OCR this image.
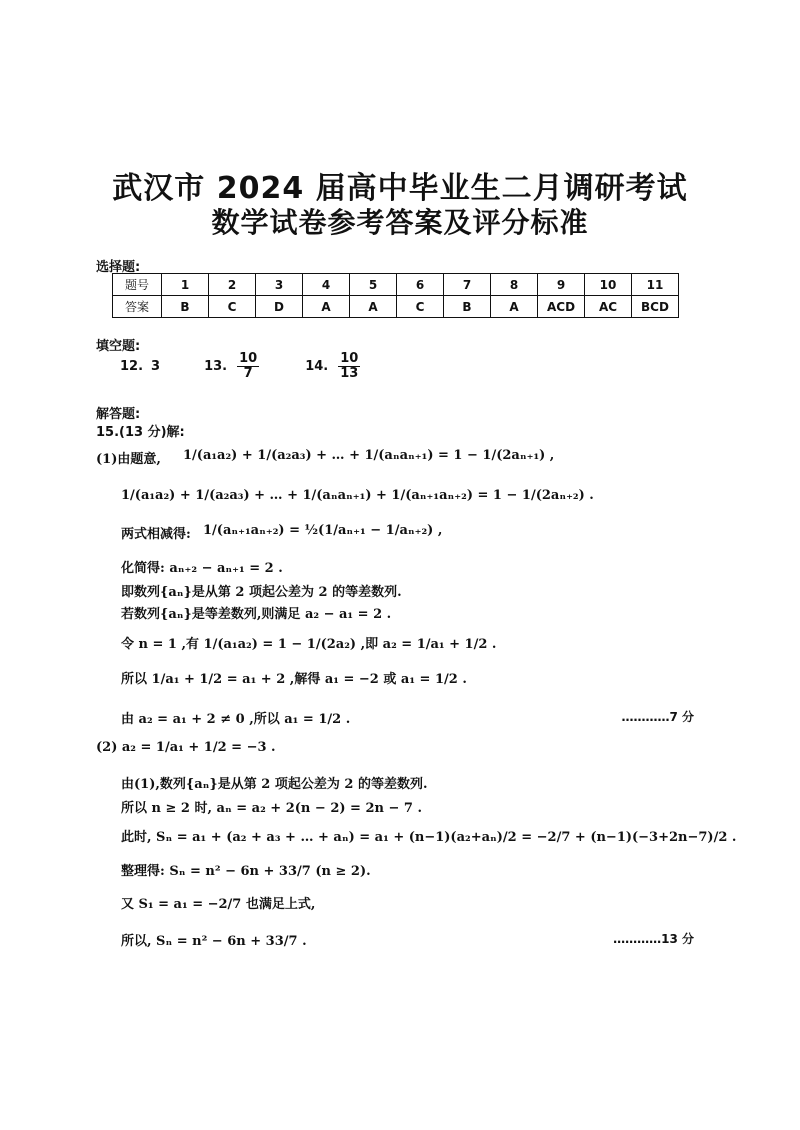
武汉市 2024 届高中毕业生二月调研考试
数学试卷参考答案及评分标准
选择题:
题号	1	2	3	4	5	6	7	8	9	10	11
答案	B	C	D	A	A	C	B	A	ACD	AC	BCD
填空题:
12. 3	13. $\frac{10}{7}$	14. $\frac{10}{13}$
解答题:
15.(13 分)解:
(1)由题意, 1/(a₁a₂) + 1/(a₂a₃) + … + 1/(aₙaₙ₊₁) = 1 − 1/(2aₙ₊₁) ,
1/(a₁a₂) + 1/(a₂a₃) + … + 1/(aₙaₙ₊₁) + 1/(aₙ₊₁aₙ₊₂) = 1 − 1/(2aₙ₊₂) .
两式相减得: 1/(aₙ₊₁aₙ₊₂) = ½(1/aₙ₊₁ − 1/aₙ₊₂) ,
化简得: aₙ₊₂ − aₙ₊₁ = 2 .
即数列{aₙ}是从第 2 项起公差为 2 的等差数列.
若数列{aₙ}是等差数列,则满足 a₂ − a₁ = 2 .
令 n = 1 ,有 1/(a₁a₂) = 1 − 1/(2a₂) ,即 a₂ = 1/a₁ + 1/2 .
所以 1/a₁ + 1/2 = a₁ + 2 ,解得 a₁ = −2 或 a₁ = 1/2 .
由 a₂ = a₁ + 2 ≠ 0 ,所以 a₁ = 1/2 .	…………7 分
(2) a₂ = 1/a₁ + 1/2 = −3 .
由(1),数列{aₙ}是从第 2 项起公差为 2 的等差数列.
所以 n ≥ 2 时, aₙ = a₂ + 2(n − 2) = 2n − 7 .
此时, Sₙ = a₁ + (a₂ + a₃ + … + aₙ) = a₁ + (n−1)(a₂+aₙ)/2 = −2/7 + (n−1)(−3+2n−7)/2 .
整理得: Sₙ = n² − 6n + 33/7 (n ≥ 2).
又 S₁ = a₁ = −2/7 也满足上式,
所以, Sₙ = n² − 6n + 33/7 .	…………13 分
